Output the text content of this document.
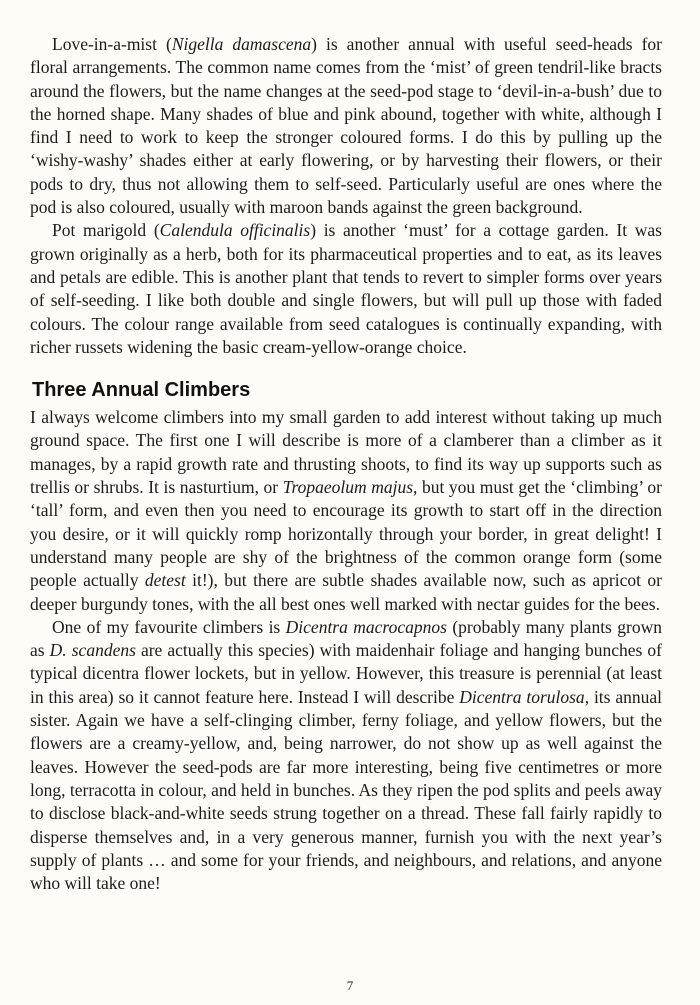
Love-in-a-mist (Nigella damascena) is another annual with useful seed-heads for floral arrangements. The common name comes from the ‘mist’ of green tendril-like bracts around the flowers, but the name changes at the seed-pod stage to ‘devil-in-a-bush’ due to the horned shape. Many shades of blue and pink abound, together with white, although I find I need to work to keep the stronger coloured forms. I do this by pulling up the ‘wishy-washy’ shades either at early flowering, or by harvesting their flowers, or their pods to dry, thus not allowing them to self-seed. Particularly useful are ones where the pod is also coloured, usually with maroon bands against the green background.

Pot marigold (Calendula officinalis) is another ‘must’ for a cottage garden. It was grown originally as a herb, both for its pharmaceutical properties and to eat, as its leaves and petals are edible. This is another plant that tends to revert to simpler forms over years of self-seeding. I like both double and single flowers, but will pull up those with faded colours. The colour range available from seed catalogues is continually expanding, with richer russets widening the basic cream-yellow-orange choice.

Three Annual Climbers

I always welcome climbers into my small garden to add interest without taking up much ground space. The first one I will describe is more of a clamberer than a climber as it manages, by a rapid growth rate and thrusting shoots, to find its way up supports such as trellis or shrubs. It is nasturtium, or Tropaeolum majus, but you must get the ‘climbing’ or ‘tall’ form, and even then you need to encourage its growth to start off in the direction you desire, or it will quickly romp horizontally through your border, in great delight! I understand many people are shy of the brightness of the common orange form (some people actually detest it!), but there are subtle shades available now, such as apricot or deeper burgundy tones, with the all best ones well marked with nectar guides for the bees.

One of my favourite climbers is Dicentra macrocapnos (probably many plants grown as D. scandens are actually this species) with maidenhair foliage and hanging bunches of typical dicentra flower lockets, but in yellow. However, this treasure is perennial (at least in this area) so it cannot feature here. Instead I will describe Dicentra torulosa, its annual sister. Again we have a self-clinging climber, ferny foliage, and yellow flowers, but the flowers are a creamy-yellow, and, being narrower, do not show up as well against the leaves. However the seed-pods are far more interesting, being five centimetres or more long, terracotta in colour, and held in bunches. As they ripen the pod splits and peels away to disclose black-and-white seeds strung together on a thread. These fall fairly rapidly to disperse themselves and, in a very generous manner, furnish you with the next year’s supply of plants … and some for your friends, and neighbours, and relations, and anyone who will take one!

7
